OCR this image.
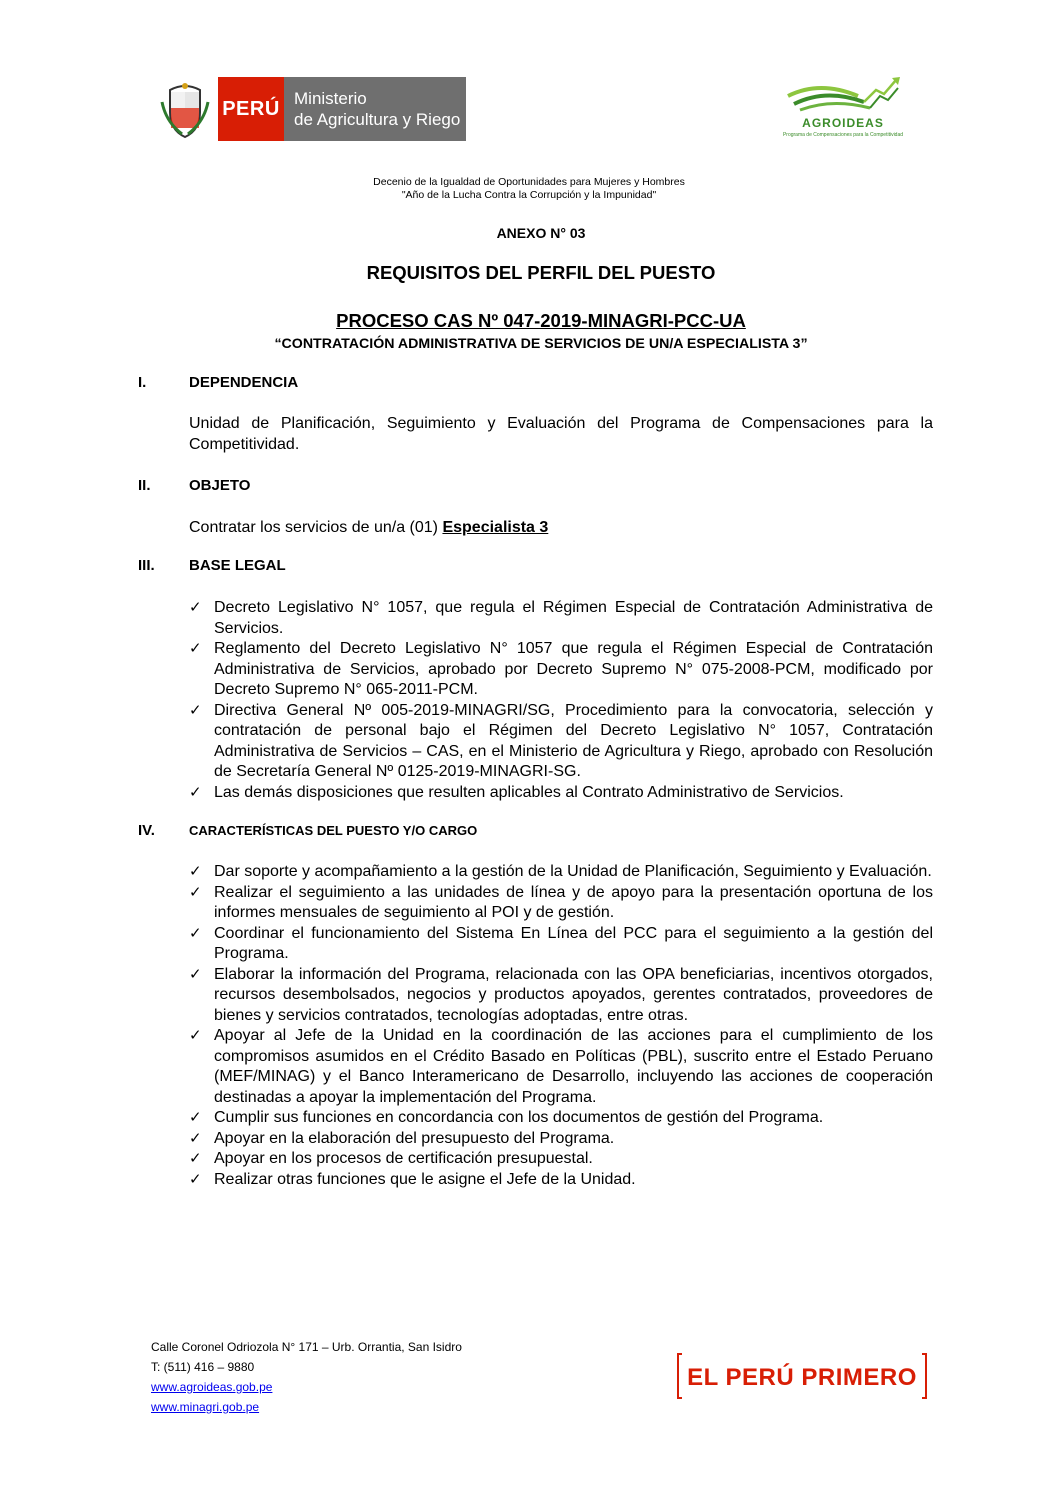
PERÚ Ministerio
de Agricultura y Riego	AGROIDEAS
Programa de Compensaciones para la Competitividad
Decenio de la Igualdad de Oportunidades para Mujeres y Hombres
"Año de la Lucha Contra la Corrupción y la Impunidad"
ANEXO N° 03
REQUISITOS DEL PERFIL DEL PUESTO
PROCESO CAS Nº 047-2019-MINAGRI-PCC-UA
“CONTRATACIÓN ADMINISTRATIVA DE SERVICIOS DE UN/A ESPECIALISTA 3”
I.	DEPENDENCIA
Unidad de Planificación, Seguimiento y Evaluación del Programa de Compensaciones para la Competitividad.
II.	OBJETO
Contratar los servicios de un/a (01) Especialista 3
III. BASE LEGAL
✓ Decreto Legislativo N° 1057, que regula el Régimen Especial de Contratación Administrativa de Servicios.
✓ Reglamento del Decreto Legislativo N° 1057 que regula el Régimen Especial de Contratación Administrativa de Servicios, aprobado por Decreto Supremo N° 075-2008-PCM, modificado por Decreto Supremo N° 065-2011-PCM.
✓ Directiva General Nº 005-2019-MINAGRI/SG, Procedimiento para la convocatoria, selección y contratación de personal bajo el Régimen del Decreto Legislativo N° 1057, Contratación Administrativa de Servicios – CAS, en el Ministerio de Agricultura y Riego, aprobado con Resolución de Secretaría General Nº 0125-2019-MINAGRI-SG.
✓ Las demás disposiciones que resulten aplicables al Contrato Administrativo de Servicios.
IV.	CARACTERÍSTICAS DEL PUESTO Y/O CARGO
✓ Dar soporte y acompañamiento a la gestión de la Unidad de Planificación, Seguimiento y Evaluación.
✓ Realizar el seguimiento a las unidades de línea y de apoyo para la presentación oportuna de los informes mensuales de seguimiento al POI y de gestión.
✓ Coordinar el funcionamiento del Sistema En Línea del PCC para el seguimiento a la gestión del Programa.
✓ Elaborar la información del Programa, relacionada con las OPA beneficiarias, incentivos otorgados, recursos desembolsados, negocios y productos apoyados, gerentes contratados, proveedores de bienes y servicios contratados, tecnologías adoptadas, entre otras.
✓ Apoyar al Jefe de la Unidad en la coordinación de las acciones para el cumplimiento de los compromisos asumidos en el Crédito Basado en Políticas (PBL), suscrito entre el Estado Peruano (MEF/MINAG) y el Banco Interamericano de Desarrollo, incluyendo las acciones de cooperación destinadas a apoyar la implementación del Programa.
✓ Cumplir sus funciones en concordancia con los documentos de gestión del Programa.
✓ Apoyar en la elaboración del presupuesto del Programa.
✓ Apoyar en los procesos de certificación presupuestal.
✓ Realizar otras funciones que le asigne el Jefe de la Unidad.
Calle Coronel Odriozola N° 171 – Urb. Orrantia, San Isidro
T: (511) 416 – 9880
www.agroideas.gob.pe
www.minagri.gob.pe
EL PERÚ PRIMERO
